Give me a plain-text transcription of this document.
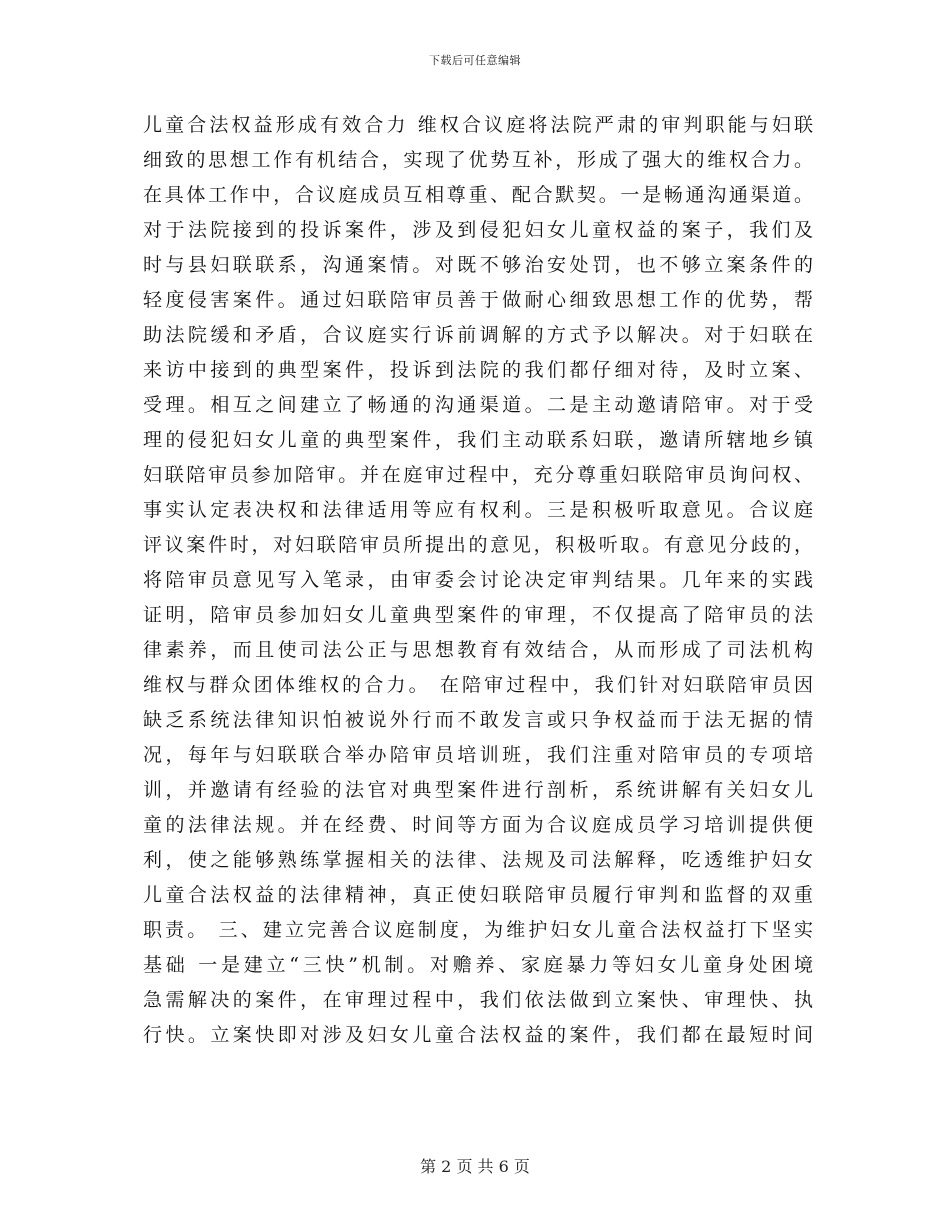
下载后可任意编辑
儿童合法权益形成有效合力 维权合议庭将法院严肃的审判职能与妇联
细致的思想工作有机结合，实现了优势互补，形成了强大的维权合力。
在具体工作中，合议庭成员互相尊重、配合默契。一是畅通沟通渠道。
对于法院接到的投诉案件，涉及到侵犯妇女儿童权益的案子，我们及
时与县妇联联系，沟通案情。对既不够治安处罚，也不够立案条件的
轻度侵害案件。通过妇联陪审员善于做耐心细致思想工作的优势，帮
助法院缓和矛盾，合议庭实行诉前调解的方式予以解决。对于妇联在
来访中接到的典型案件，投诉到法院的我们都仔细对待，及时立案、
受理。相互之间建立了畅通的沟通渠道。二是主动邀请陪审。对于受
理的侵犯妇女儿童的典型案件，我们主动联系妇联，邀请所辖地乡镇
妇联陪审员参加陪审。并在庭审过程中，充分尊重妇联陪审员询问权、
事实认定表决权和法律适用等应有权利。三是积极听取意见。合议庭
评议案件时，对妇联陪审员所提出的意见，积极听取。有意见分歧的，
将陪审员意见写入笔录，由审委会讨论决定审判结果。几年来的实践
证明，陪审员参加妇女儿童典型案件的审理，不仅提高了陪审员的法
律素养，而且使司法公正与思想教育有效结合，从而形成了司法机构
维权与群众团体维权的合力。 在陪审过程中，我们针对妇联陪审员因
缺乏系统法律知识怕被说外行而不敢发言或只争权益而于法无据的情
况，每年与妇联联合举办陪审员培训班，我们注重对陪审员的专项培
训，并邀请有经验的法官对典型案件进行剖析，系统讲解有关妇女儿
童的法律法规。并在经费、时间等方面为合议庭成员学习培训提供便
利，使之能够熟练掌握相关的法律、法规及司法解释，吃透维护妇女
儿童合法权益的法律精神，真正使妇联陪审员履行审判和监督的双重
职责。 三、建立完善合议庭制度，为维护妇女儿童合法权益打下坚实
基础 一是建立“三快”机制。对赡养、家庭暴力等妇女儿童身处困境
急需解决的案件，在审理过程中，我们依法做到立案快、审理快、执
行快。立案快即对涉及妇女儿童合法权益的案件，我们都在最短时间
第 2 页 共 6 页
